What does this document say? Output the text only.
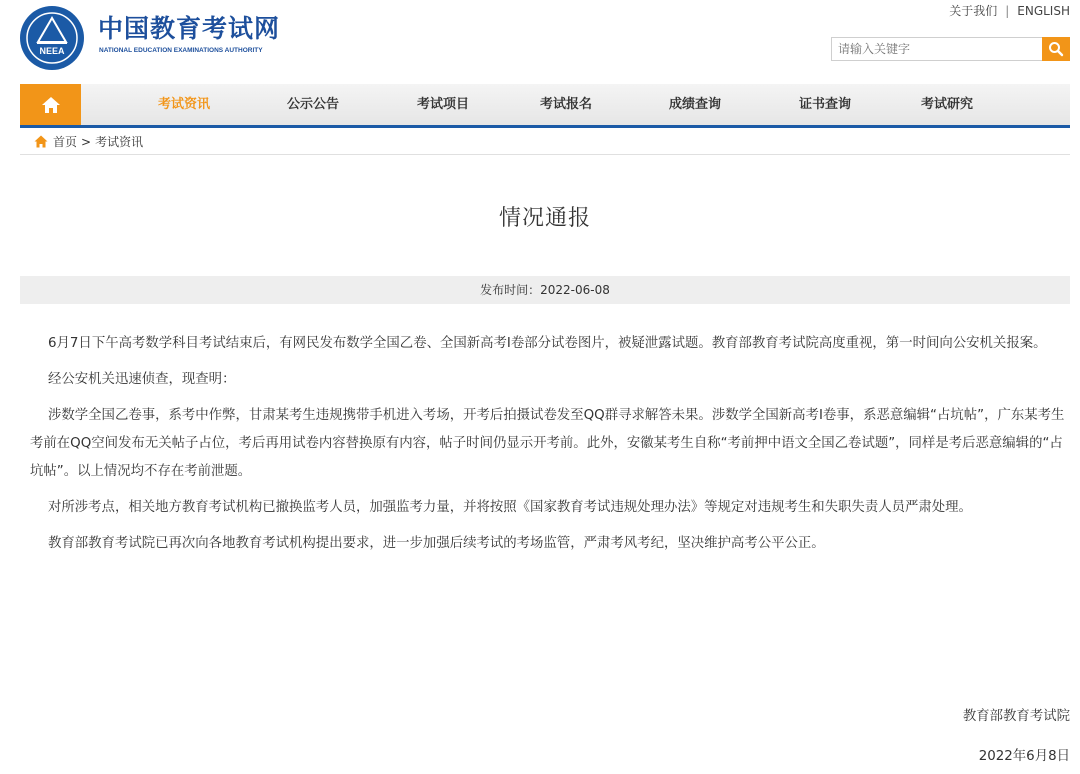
NEEA
中国教育考试网
NATIONAL EDUCATION EXAMINATIONS AUTHORITY
关于我们 | ENGLISH
请输入关键字
考试资讯	公示公告	考试项目	考试报名	成绩查询	证书查询	考试研究
首页 > 考试资讯
情况通报
发布时间：2022-06-08

6月7日下午高考数学科目考试结束后，有网民发布数学全国乙卷、全国新高考I卷部分试卷图片，被疑泄露试题。教育部教育考试院高度重视，第一时间向公安机关报案。

经公安机关迅速侦查，现查明：

涉数学全国乙卷事，系考中作弊，甘肃某考生违规携带手机进入考场，开考后拍摄试卷发至QQ群寻求解答未果。涉数学全国新高考I卷事，系恶意编辑“占坑帖”，广东某考生考前在QQ空间发布无关帖子占位，考后再用试卷内容替换原有内容，帖子时间仍显示开考前。此外，安徽某考生自称“考前押中语文全国乙卷试题”，同样是考后恶意编辑的“占坑帖”。以上情况均不存在考前泄题。

对所涉考点，相关地方教育考试机构已撤换监考人员，加强监考力量，并将按照《国家教育考试违规处理办法》等规定对违规考生和失职失责人员严肃处理。

教育部教育考试院已再次向各地教育考试机构提出要求，进一步加强后续考试的考场监管，严肃考风考纪，坚决维护高考公平公正。

教育部教育考试院
2022年6月8日
